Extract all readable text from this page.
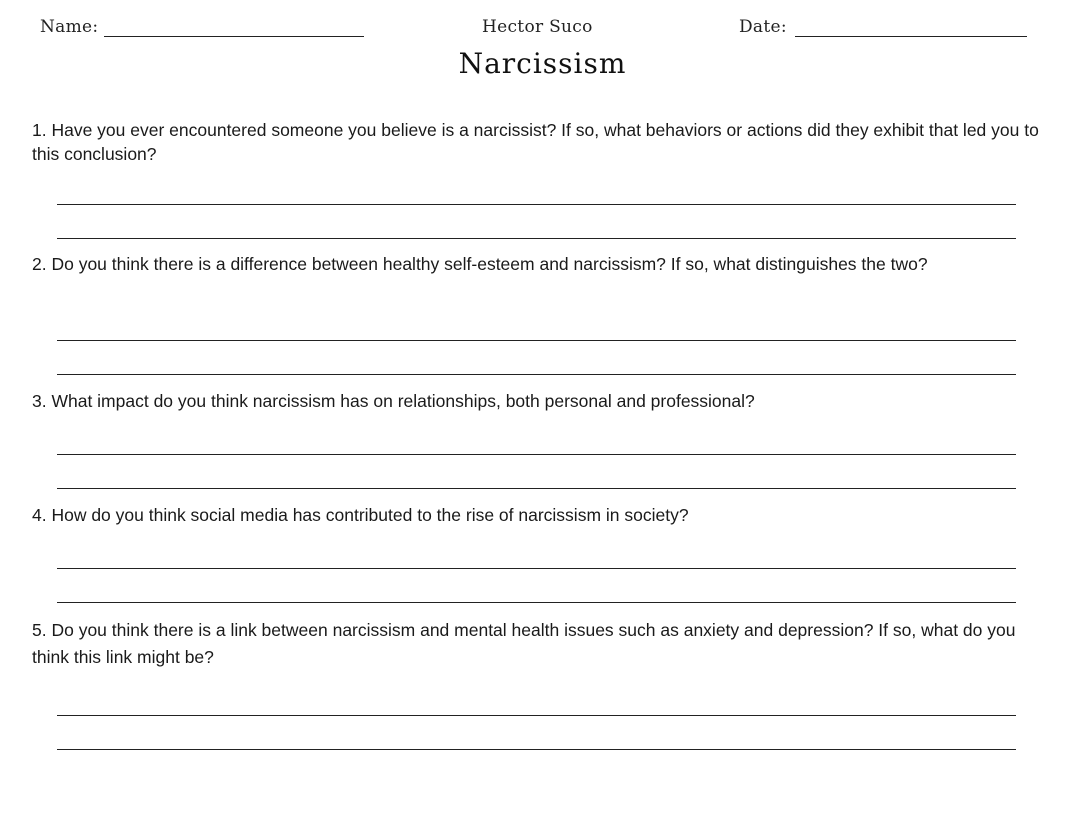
Name:	Hector Suco	Date:
Narcissism
1. Have you ever encountered someone you believe is a narcissist? If so, what behaviors or actions did they exhibit that led you to this conclusion?
2. Do you think there is a difference between healthy self-esteem and narcissism? If so, what distinguishes the two?
3. What impact do you think narcissism has on relationships, both personal and professional?
4. How do you think social media has contributed to the rise of narcissism in society?
5. Do you think there is a link between narcissism and mental health issues such as anxiety and depression? If so, what do you think this link might be?
